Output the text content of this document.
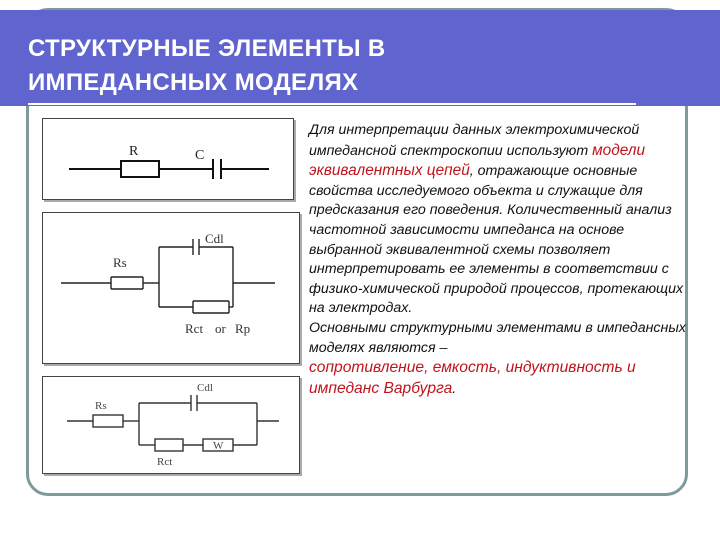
СТРУКТУРНЫЕ ЭЛЕМЕНТЫ В
ИМПЕДАНСНЫХ МОДЕЛЯХ
R	C
Rs
Cdl
Rct or Rp
Rs
Cdl
Rct
W

Для интерпретации данных электрохимической импедансной спектроскопии используют модели эквивалентных цепей, отражающие основные свойства исследуемого объекта и служащие для предсказания его поведения. Количественный анализ частотной зависимости импеданса на основе выбранной эквивалентной схемы позволяет интерпретировать ее элементы в соответствии с физико-химической природой процессов, протекающих на электродах.

Основными структурными элементами в импедансных моделях являются –
сопротивление, емкость, индуктивность и импеданс Варбурга.
